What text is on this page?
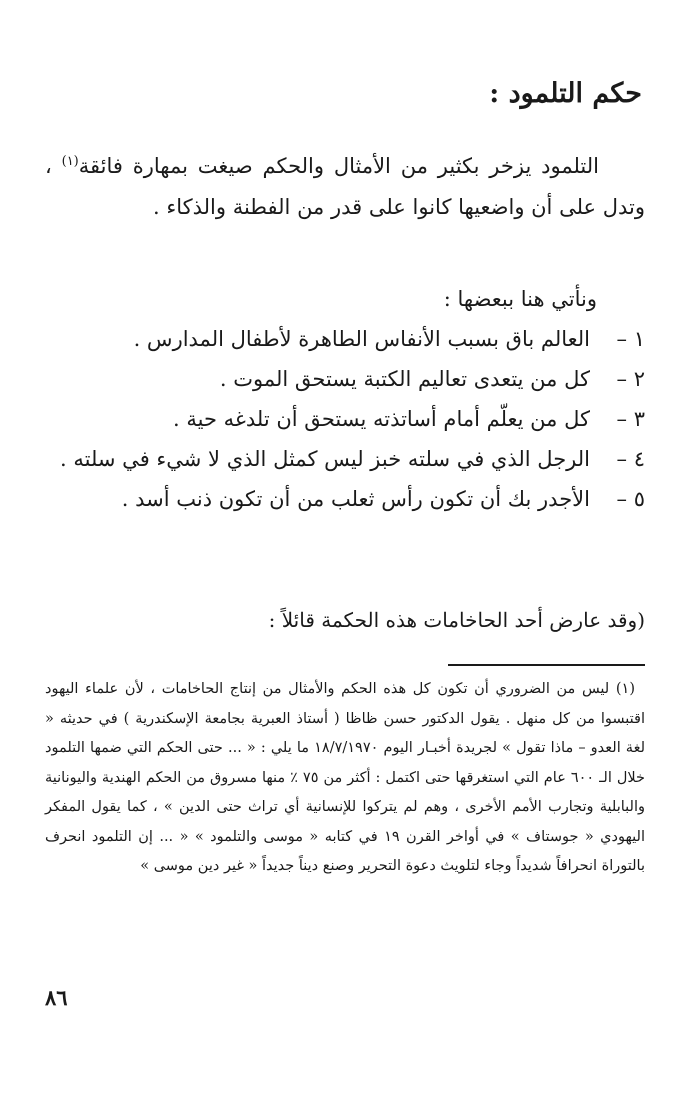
حكم التلمود :

التلمود يزخر بكثير من الأمثال والحكم صيغت بمهارة فائقة$^{(١)}$ ، وتدل على أن واضعيها كانوا على قدر من الفطنة والذكاء .

ونأتي هنا ببعضها :

١ –
العالم باق بسبب الأنفاس الطاهرة لأطفال المدارس .
٢ –
كل من يتعدى تعاليم الكتبة يستحق الموت .
٣ –
كل من يعلّم أمام أساتذته يستحق أن تلدغه حية .
٤ –
الرجل الذي في سلته خبز ليس كمثل الذي لا شيء في سلته .
٥ –
الأجدر بك أن تكون رأس ثعلب من أن تكون ذنب أسد .

(وقد عارض أحد الحاخامات هذه الحكمة قائلاً :

(١) ليس من الضروري أن تكون كل هذه الحكم والأمثال من إنتاج الحاخامات ، لأن علماء اليهود اقتبسوا من كل منهل . يقول الدكتور حسن ظاظا ( أستاذ العبرية بجامعة الإسكندرية ) في حديثه « لغة العدو – ماذا تقول » لجريدة أخبـار اليوم ١٨/٧/١٩٧٠ ما يلي : « ... حتى الحكم التي ضمها التلمود خلال الـ ٦٠٠ عام التي استغرقها حتى اكتمل : أكثر من ٧٥ ٪ منها مسروق من الحكم الهندية واليونانية والبابلية وتجارب الأمم الأخرى ، وهم لم يتركوا للإنسانية أي تراث حتى الدين » ، كما يقول المفكر اليهودي « جوستاف » في أواخر القرن ١٩ في كتابه « موسى والتلمود » « ... إن التلمود انحرف بالتوراة انحرافاً شديداً وجاء لتلويث دعوة التحرير وصنع ديناً جديداً « غير دين موسى »

٨٦
